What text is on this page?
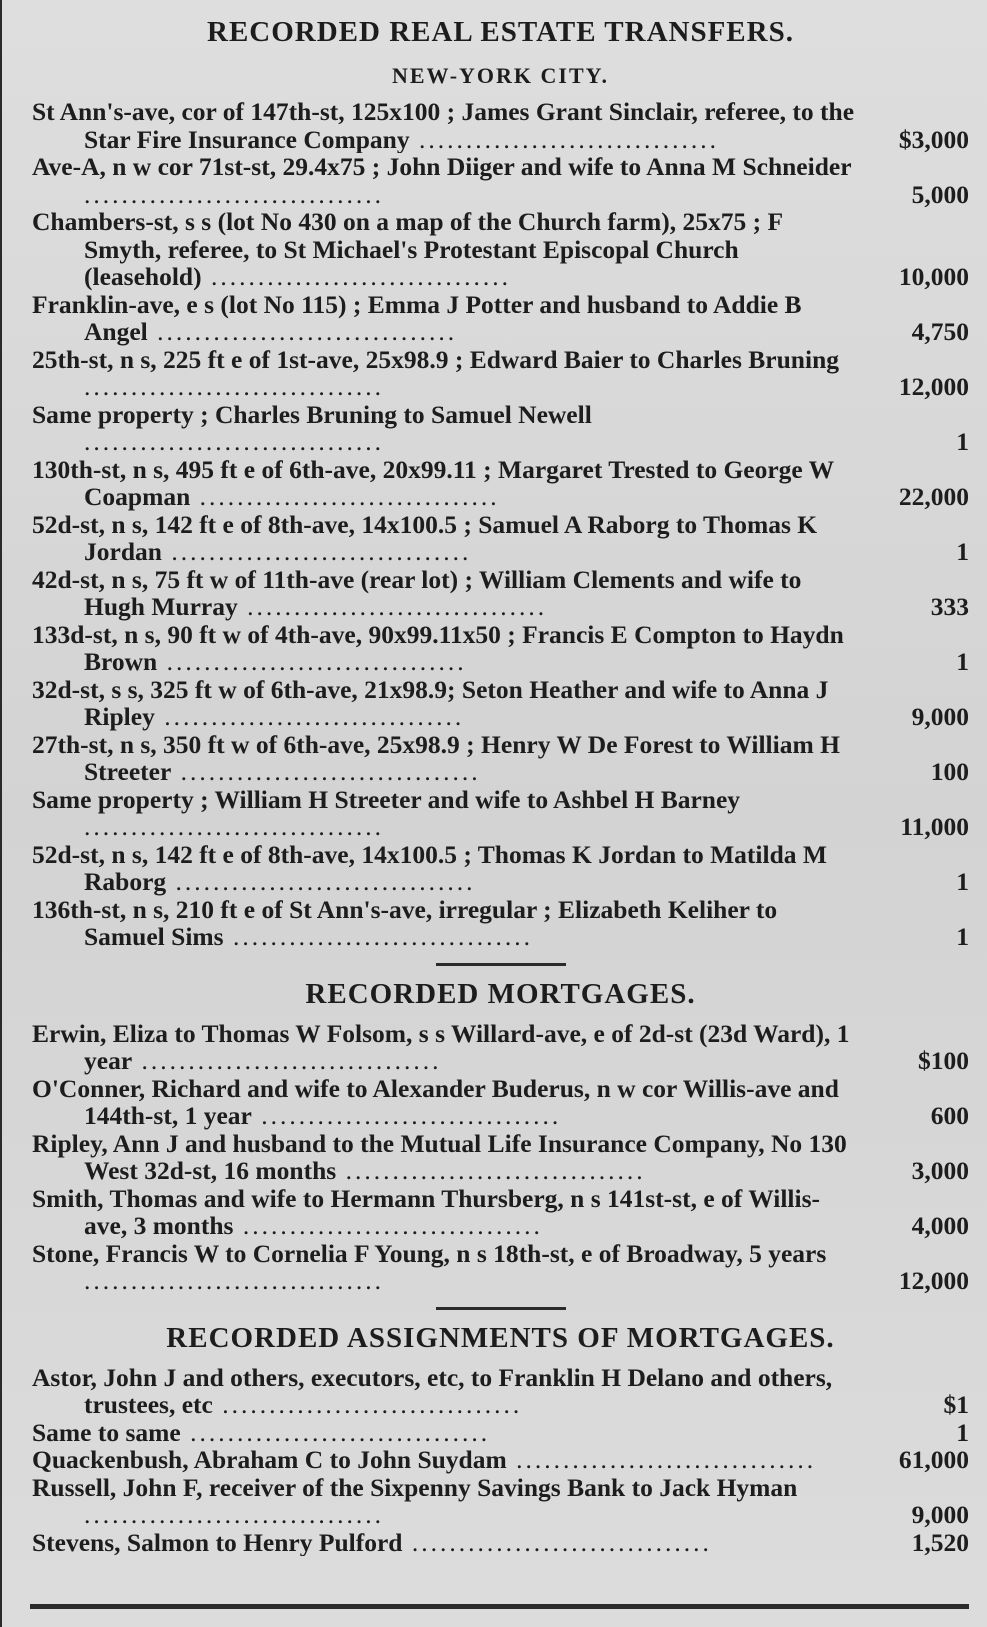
RECORDED REAL ESTATE TRANSFERS.
NEW-YORK CITY.
St Ann's-ave, cor of 147th-st, 125x100 ; James Grant Sinclair, referee, to the Star Fire Insurance Company .....	$3,000
Ave-A, n w cor 71st-st, 29.4x75 ; John Diiger and wife to Anna M Schneider .....
5,000
Chambers-st, s s (lot No 430 on a map of the Church farm), 25x75 ; F Smyth, referee, to St Michael's Protestant Episcopal Church (leasehold) .....	10,000
Franklin-ave, e s (lot No 115) ; Emma J Potter and husband to Addie B Angel .....	4,750
25th-st, n s, 225 ft e of 1st-ave, 25x98.9 ; Edward Baier to Charles Bruning .....
12,000
Same property ; Charles Bruning to Samuel Newell .....
1
130th-st, n s, 495 ft e of 6th-ave, 20x99.11 ; Margaret Trested to George W Coapman .....	22,000
52d-st, n s, 142 ft e of 8th-ave, 14x100.5 ; Samuel A Raborg to Thomas K Jordan .....	1
42d-st, n s, 75 ft w of 11th-ave (rear lot) ; William Clements and wife to Hugh Murray .....	333
133d-st, n s, 90 ft w of 4th-ave, 90x99.11x50 ; Francis E Compton to Haydn Brown .....	1
32d-st, s s, 325 ft w of 6th-ave, 21x98.9; Seton Heather and wife to Anna J Ripley .....	9,000
27th-st, n s, 350 ft w of 6th-ave, 25x98.9 ; Henry W De Forest to William H Streeter .....	100
Same property ; William H Streeter and wife to Ashbel H Barney .....
11,000
52d-st, n s, 142 ft e of 8th-ave, 14x100.5 ; Thomas K Jordan to Matilda M Raborg .....	1
136th-st, n s, 210 ft e of St Ann's-ave, irregular ; Elizabeth Keliher to Samuel Sims .....	1
RECORDED MORTGAGES.
Erwin, Eliza to Thomas W Folsom, s s Willard-ave, e of 2d-st (23d Ward), 1 year .....	$100
O'Conner, Richard and wife to Alexander Buderus, n w cor Willis-ave and 144th-st, 1 year .....	600
Ripley, Ann J and husband to the Mutual Life Insurance Company, No 130 West 32d-st, 16 months .....	3,000
Smith, Thomas and wife to Hermann Thursberg, n s 141st-st, e of Willis-ave, 3 months .....	4,000
Stone, Francis W to Cornelia F Young, n s 18th-st, e of Broadway, 5 years .....
12,000
RECORDED ASSIGNMENTS OF MORTGAGES.
Astor, John J and others, executors, etc, to Franklin H Delano and others, trustees, etc .....	$1
Same to same .....	1
Quackenbush, Abraham C to John Suydam .....	61,000
Russell, John F, receiver of the Sixpenny Savings Bank to Jack Hyman .....
9,000
Stevens, Salmon to Henry Pulford .....	1,520
